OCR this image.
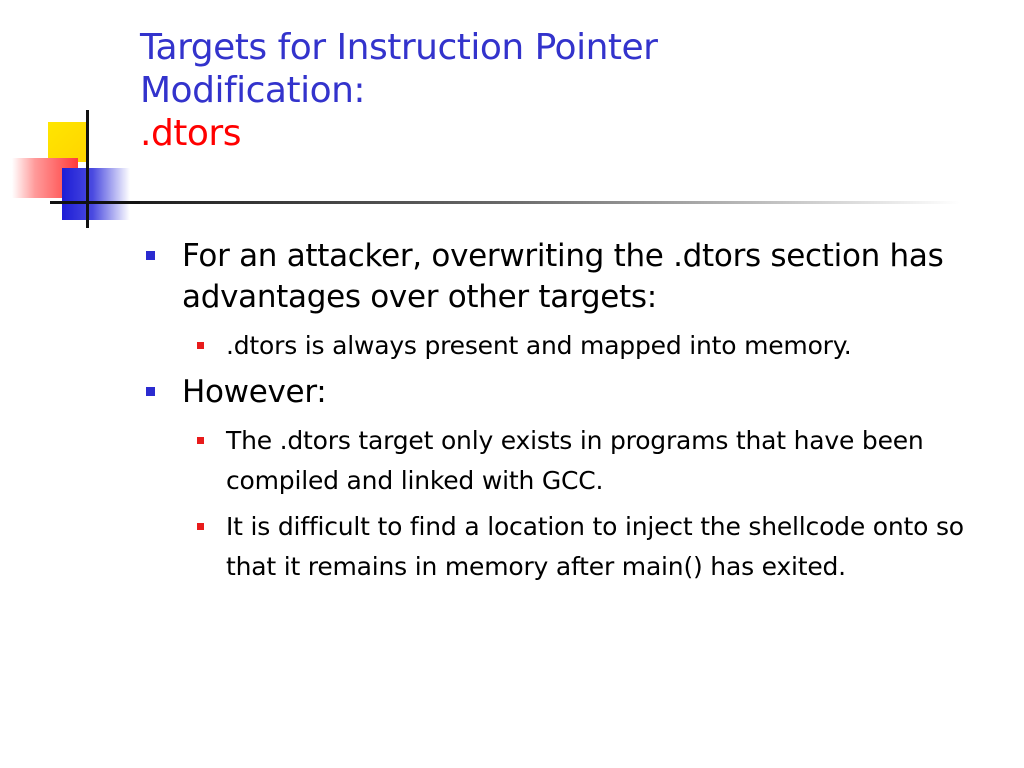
Targets for Instruction Pointer
Modification:
.dtors
For an attacker, overwriting the .dtors section has advantages over other targets:
.dtors is always present and mapped into memory.
However:
The .dtors target only exists in programs that have been compiled and linked with GCC.
It is difficult to find a location to inject the shellcode onto so that it remains in memory after main() has exited.
